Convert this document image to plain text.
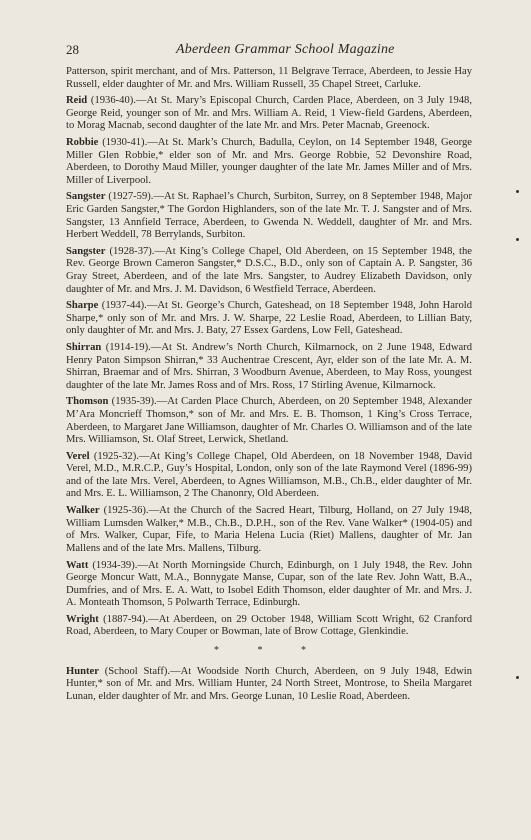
28	Aberdeen Grammar School Magazine

Patterson, spirit merchant, and of Mrs. Patterson, 11 Belgrave Terrace, Aberdeen, to Jessie Hay Russell, elder daughter of Mr. and Mrs. William Russell, 35 Chapel Street, Carluke.

Reid (1936-40).—At St. Mary’s Episcopal Church, Carden Place, Aberdeen, on 3 July 1948, George Reid, younger son of Mr. and Mrs. William A. Reid, 1 View-field Gardens, Aberdeen, to Morag Macnab, second daughter of the late Mr. and Mrs. Peter Macnab, Greenock.

Robbie (1930-41).—At St. Mark’s Church, Badulla, Ceylon, on 14 September 1948, George Miller Glen Robbie,* elder son of Mr. and Mrs. George Robbie, 52 Devonshire Road, Aberdeen, to Dorothy Maud Miller, younger daughter of the late Mr. James Miller and of Mrs. Miller of Liverpool.

Sangster (1927-59).—At St. Raphael’s Church, Surbiton, Surrey, on 8 September 1948, Major Eric Garden Sangster,* The Gordon Highlanders, son of the late Mr. T. J. Sangster and of Mrs. Sangster, 13 Annfield Terrace, Aberdeen, to Gwenda N. Weddell, daughter of Mr. and Mrs. Herbert Weddell, 78 Berrylands, Surbiton.

Sangster (1928-37).—At King’s College Chapel, Old Aberdeen, on 15 September 1948, the Rev. George Brown Cameron Sangster,* D.S.C., B.D., only son of Captain A. P. Sangster, 36 Gray Street, Aberdeen, and of the late Mrs. Sangster, to Audrey Elizabeth Davidson, only daughter of Mr. and Mrs. J. M. Davidson, 6 Westfield Terrace, Aberdeen.

Sharpe (1937-44).—At St. George’s Church, Gateshead, on 18 September 1948, John Harold Sharpe,* only son of Mr. and Mrs. J. W. Sharpe, 22 Leslie Road, Aberdeen, to Lillian Baty, only daughter of Mr. and Mrs. J. Baty, 27 Essex Gardens, Low Fell, Gateshead.

Shirran (1914-19).—At St. Andrew’s North Church, Kilmarnock, on 2 June 1948, Edward Henry Paton Simpson Shirran,* 33 Auchentrae Crescent, Ayr, elder son of the late Mr. A. M. Shirran, Braemar and of Mrs. Shirran, 3 Woodburn Avenue, Aberdeen, to May Ross, youngest daughter of the late Mr. James Ross and of Mrs. Ross, 17 Stirling Avenue, Kilmarnock.

Thomson (1935-39).—At Carden Place Church, Aberdeen, on 20 September 1948, Alexander M’Ara Moncrieff Thomson,* son of Mr. and Mrs. E. B. Thomson, 1 King’s Cross Terrace, Aberdeen, to Margaret Jane Williamson, daughter of Mr. Charles O. Williamson and of the late Mrs. Williamson, St. Olaf Street, Lerwick, Shetland.

Verel (1925-32).—At King’s College Chapel, Old Aberdeen, on 18 November 1948, David Verel, M.D., M.R.C.P., Guy’s Hospital, London, only son of the late Raymond Verel (1896-99) and of the late Mrs. Verel, Aberdeen, to Agnes Williamson, M.B., Ch.B., elder daughter of Mr. and Mrs. E. L. Williamson, 2 The Chanonry, Old Aberdeen.

Walker (1925-36).—At the Church of the Sacred Heart, Tilburg, Holland, on 27 July 1948, William Lumsden Walker,* M.B., Ch.B., D.P.H., son of the Rev. Vane Walker* (1904-05) and of Mrs. Walker, Cupar, Fife, to Maria Helena Lucia (Riet) Mallens, daughter of Mr. Jan Mallens and of the late Mrs. Mallens, Tilburg.

Watt (1934-39).—At North Morningside Church, Edinburgh, on 1 July 1948, the Rev. John George Moncur Watt, M.A., Bonnygate Manse, Cupar, son of the late Rev. John Watt, B.A., Dumfries, and of Mrs. E. A. Watt, to Isobel Edith Thomson, elder daughter of Mr. and Mrs. J. A. Monteath Thomson, 5 Polwarth Terrace, Edinburgh.

Wright (1887-94).—At Aberdeen, on 29 October 1948, William Scott Wright, 62 Cranford Road, Aberdeen, to Mary Couper or Bowman, late of Brow Cottage, Glenkindie.

* * *

Hunter (School Staff).—At Woodside North Church, Aberdeen, on 9 July 1948, Edwin Hunter,* son of Mr. and Mrs. William Hunter, 24 North Street, Montrose, to Sheila Margaret Lunan, elder daughter of Mr. and Mrs. George Lunan, 10 Leslie Road, Aberdeen.
